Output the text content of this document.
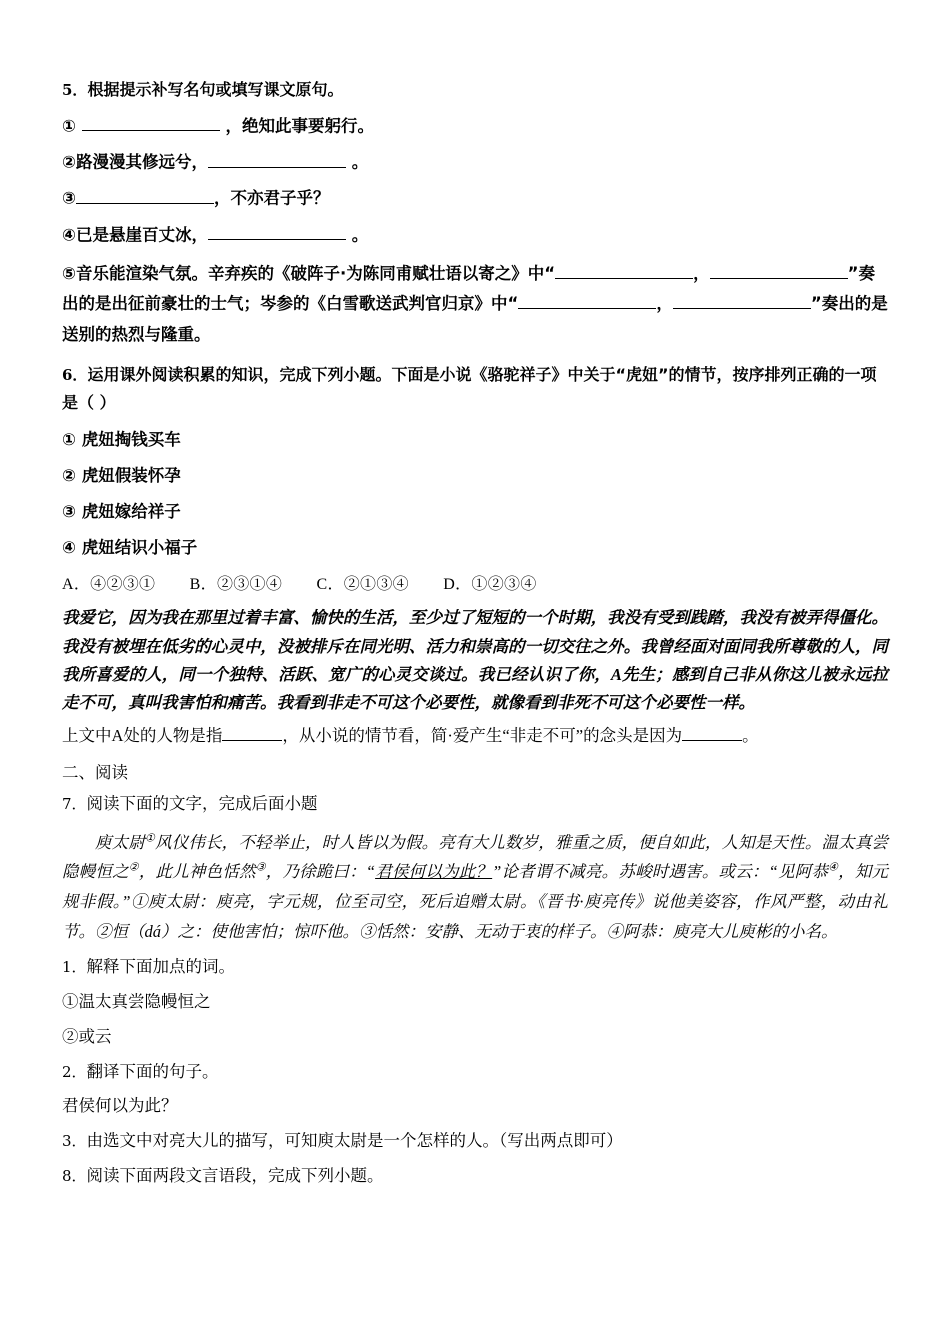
5．根据提示补写名句或填写课文原句。
①	，绝知此事要躬行。
②路漫漫其修远兮，	。
③	，不亦君子乎？
④已是悬崖百丈冰，	。
⑤音乐能渲染气氛。辛弃疾的《破阵子·为陈同甫赋壮语以寄之》中“	，	”奏出的是出征前豪壮的士气；岑参的《白雪歌送武判官归京》中“	，	”奏出的是送别的热烈与隆重。
6．运用课外阅读积累的知识，完成下列小题。下面是小说《骆驼祥子》中关于“虎妞”的情节，按序排列正确的一项是（ ）
① 虎妞掏钱买车
② 虎妞假装怀孕
③ 虎妞嫁给祥子
④ 虎妞结识小福子
A．④②③① B．②③①④ C．②①③④ D．①②③④
我爱它，因为我在那里过着丰富、愉快的生活，至少过了短短的一个时期，我没有受到践踏，我没有被弄得僵化。我没有被埋在低劣的心灵中，没被排斥在同光明、活力和崇高的一切交往之外。我曾经面对面同我所尊敬的人，同我所喜爱的人，同一个独特、活跃、宽广的心灵交谈过。我已经认识了你，A先生；感到自己非从你这儿被永远拉走不可，真叫我害怕和痛苦。我看到非走不可这个必要性，就像看到非死不可这个必要性一样。
上文中A处的人物是指	，从小说的情节看，简·爱产生“非走不可”的念头是因为	。
二、阅读
7．阅读下面的文字，完成后面小题
庾太尉①风仪伟长，不轻举止，时人皆以为假。亮有大儿数岁，雅重之质，便自如此，人知是天性。温太真尝隐幔恒之②，此儿神色恬然③，乃徐跪曰：“君侯何以为此？”论者谓不减亮。苏峻时遇害。或云：“见阿恭④，知元规非假。”①庾太尉：庾亮，字元规，位至司空，死后追赠太尉。《晋书·庾亮传》说他美姿容，作风严整，动由礼节。②恒（dá）之：使他害怕；惊吓他。③恬然：安静、无动于衷的样子。④阿恭：庾亮大儿庾彬的小名。
1．解释下面加点的词。
①温太真尝隐幔恒之
②或云
2．翻译下面的句子。
君侯何以为此？
3．由选文中对亮大儿的描写，可知庾太尉是一个怎样的人。（写出两点即可）
8．阅读下面两段文言语段，完成下列小题。
